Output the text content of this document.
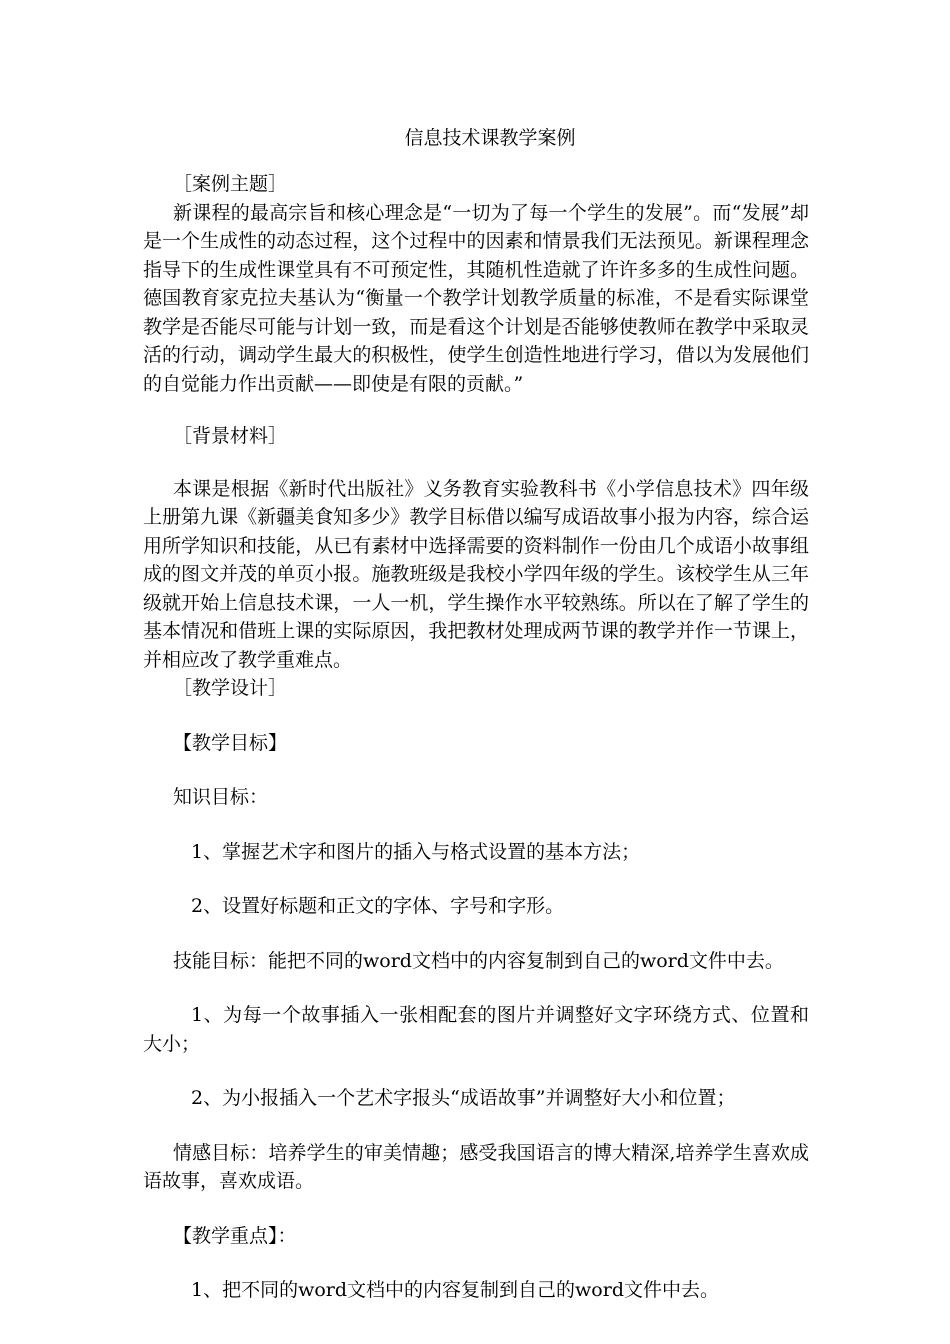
信息技术课教学案例

［案例主题］

新课程的最高宗旨和核心理念是“一切为了每一个学生的发展”。而“发展”却是一个生成性的动态过程，这个过程中的因素和情景我们无法预见。新课程理念指导下的生成性课堂具有不可预定性，其随机性造就了许许多多的生成性问题。德国教育家克拉夫基认为“衡量一个教学计划教学质量的标准，不是看实际课堂教学是否能尽可能与计划一致，而是看这个计划是否能够使教师在教学中采取灵活的行动，调动学生最大的积极性，使学生创造性地进行学习，借以为发展他们的自觉能力作出贡献——即使是有限的贡献。”

［背景材料］

本课是根据《新时代出版社》义务教育实验教科书《小学信息技术》四年级上册第九课《新疆美食知多少》教学目标借以编写成语故事小报为内容，综合运用所学知识和技能，从已有素材中选择需要的资料制作一份由几个成语小故事组成的图文并茂的单页小报。施教班级是我校小学四年级的学生。该校学生从三年级就开始上信息技术课，一人一机，学生操作水平较熟练。所以在了解了学生的基本情况和借班上课的实际原因，我把教材处理成两节课的教学并作一节课上，并相应改了教学重难点。

［教学设计］

【教学目标】

知识目标：

1、掌握艺术字和图片的插入与格式设置的基本方法；

2、设置好标题和正文的字体、字号和字形。

技能目标：能把不同的word文档中的内容复制到自己的word文件中去。

1、为每一个故事插入一张相配套的图片并调整好文字环绕方式、位置和大小；

2、为小报插入一个艺术字报头“成语故事”并调整好大小和位置；

情感目标：培养学生的审美情趣；感受我国语言的博大精深,培养学生喜欢成语故事，喜欢成语。

【教学重点】：

1、把不同的word文档中的内容复制到自己的word文件中去。
